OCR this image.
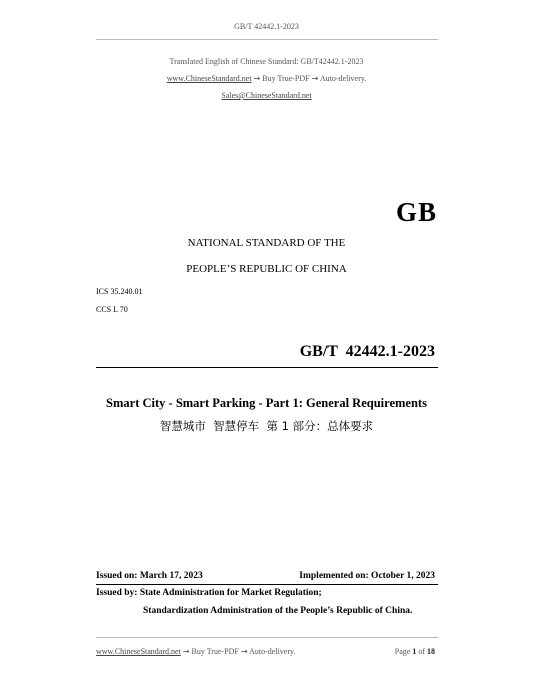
GB/T 42442.1-2023
Translated English of Chinese Standard: GB/T42442.1-2023
www.ChineseStandard.net → Buy True-PDF → Auto-delivery.
Sales@ChineseStandard.net
GB
NATIONAL STANDARD OF THE
PEOPLE’S REPUBLIC OF CHINA
ICS 35.240.01
CCS L 70
GB/T  42442.1-2023
Smart City - Smart Parking - Part 1: General Requirements
智慧城市  智慧停车  第 1 部分：总体要求
Issued on: March 17, 2023	Implemented on: October 1, 2023
Issued by: State Administration for Market Regulation;
Standardization Administration of the People’s Republic of China.
www.ChineseStandard.net → Buy True-PDF → Auto-delivery.	Page 1 of 18
